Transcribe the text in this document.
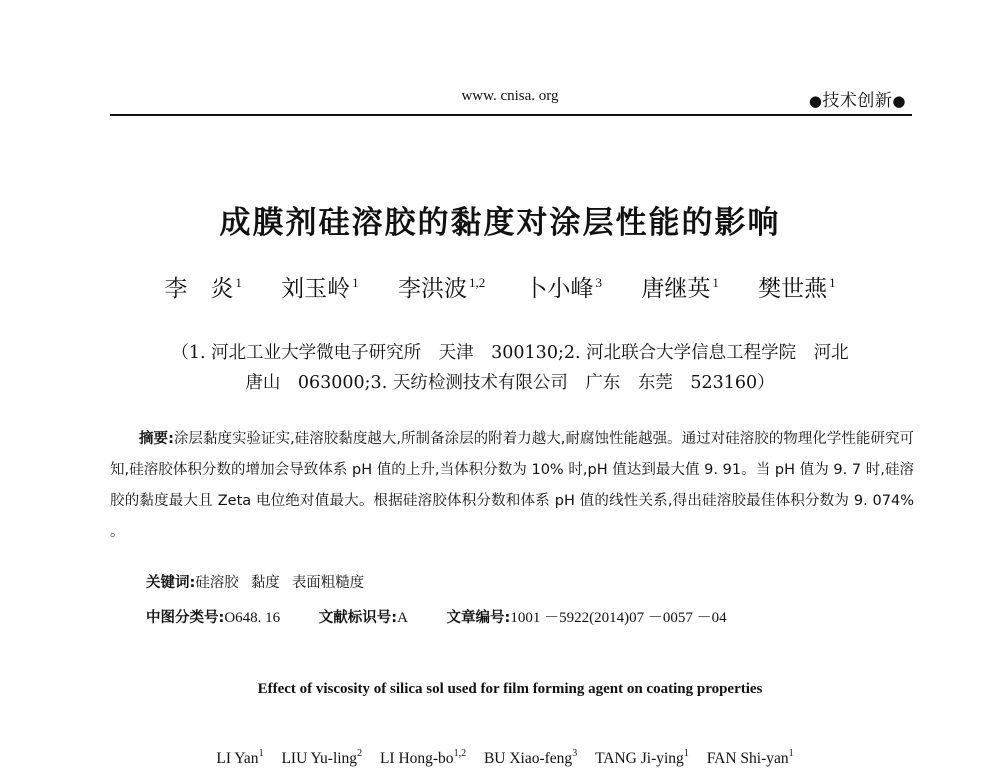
www. cnisa. org	●技术创新●
成膜剂硅溶胶的黏度对涂层性能的影响
李　炎 $^1$ 刘玉岭 $^1$ 李洪波 $^{1,2}$ 卜小峰 $^3$ 唐继英 $^1$ 樊世燕 $^1$
（1. 河北工业大学微电子研究所　天津　300130;2. 河北联合大学信息工程学院　河北
唐山　063000;3. 天纺检测技术有限公司　广东　东莞　523160）
摘要:涂层黏度实验证实,硅溶胶黏度越大,所制备涂层的附着力越大,耐腐蚀性能越强。通过对硅溶胶的物理化学性能研究可知,硅溶胶体积分数的增加会导致体系 pH 值的上升,当体积分数为 10% 时,pH 值达到最大值 9. 91。当 pH 值为 9. 7 时,硅溶胶的黏度最大且 Zeta 电位绝对值最大。根据硅溶胶体积分数和体系 pH 值的线性关系,得出硅溶胶最佳体积分数为 9. 074% 。
关键词:硅溶胶 黏度 表面粗糙度
中图分类号:O648. 16	文献标识号:A	文章编号:1001 －5922(2014)07 －0057 －04
Effect of viscosity of silica sol used for film forming agent on coating properties
LI Yan$^1$ LIU Yu-ling$^2$ LI Hong-bo$^{1,2}$ BU Xiao-feng$^3$ TANG Ji-ying$^1$ FAN Shi-yan$^1$
